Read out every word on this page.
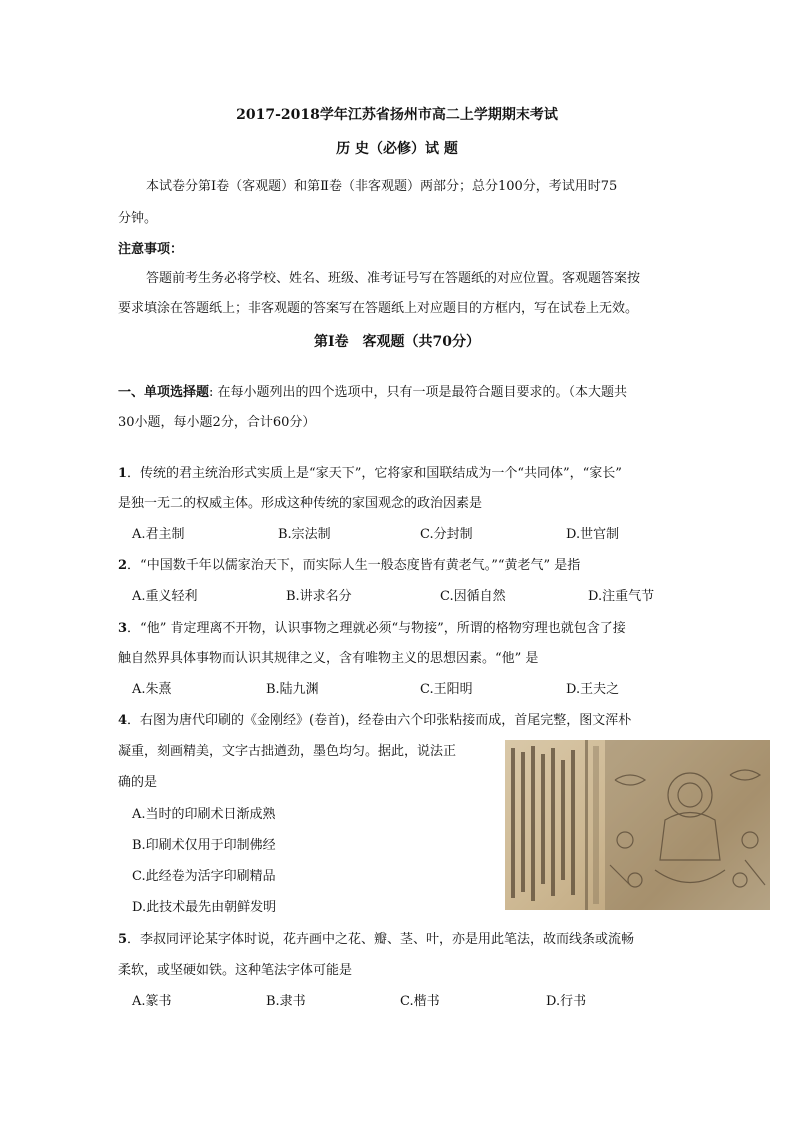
2017-2018学年江苏省扬州市高二上学期期末考试
历 史（必修）试 题
本试卷分第Ⅰ卷（客观题）和第Ⅱ卷（非客观题）两部分；总分100分，考试用时75
分钟。
注意事项：
答题前考生务必将学校、姓名、班级、准考证号写在答题纸的对应位置。客观题答案按
要求填涂在答题纸上；非客观题的答案写在答题纸上对应题目的方框内，写在试卷上无效。
第Ⅰ卷　客观题（共70分）
一、单项选择题: 在每小题列出的四个选项中，只有一项是最符合题目要求的。（本大题共
30小题，每小题2分，合计60分）
1．传统的君主统治形式实质上是“家天下”，它将家和国联结成为一个“共同体”，“家长”
是独一无二的权威主体。形成这种传统的家国观念的政治因素是
A.君主制	B.宗法制	C.分封制	D.世官制
2．“中国数千年以儒家治天下，而实际人生一般态度皆有黄老气。”“黄老气” 是指
A.重义轻利	B.讲求名分	C.因循自然	D.注重气节
3．“他” 肯定理离不开物，认识事物之理就必须“与物接”，所谓的格物穷理也就包含了接
触自然界具体事物而认识其规律之义，含有唯物主义的思想因素。“他” 是
A.朱熹	B.陆九渊	C.王阳明	D.王夫之
4．右图为唐代印刷的《金刚经》(卷首)，经卷由六个印张粘接而成，首尾完整，图文浑朴
凝重，刻画精美，文字古拙遒劲，墨色均匀。据此，说法正
确的是
A.当时的印刷术日渐成熟
B.印刷术仅用于印制佛经
C.此经卷为活字印刷精品
D.此技术最先由朝鲜发明
5．李叔同评论某字体时说，花卉画中之花、瓣、茎、叶，亦是用此笔法，故而线条或流畅
柔软，或坚硬如铁。这种笔法字体可能是
A.篆书	B.隶书	C.楷书	D.行书
